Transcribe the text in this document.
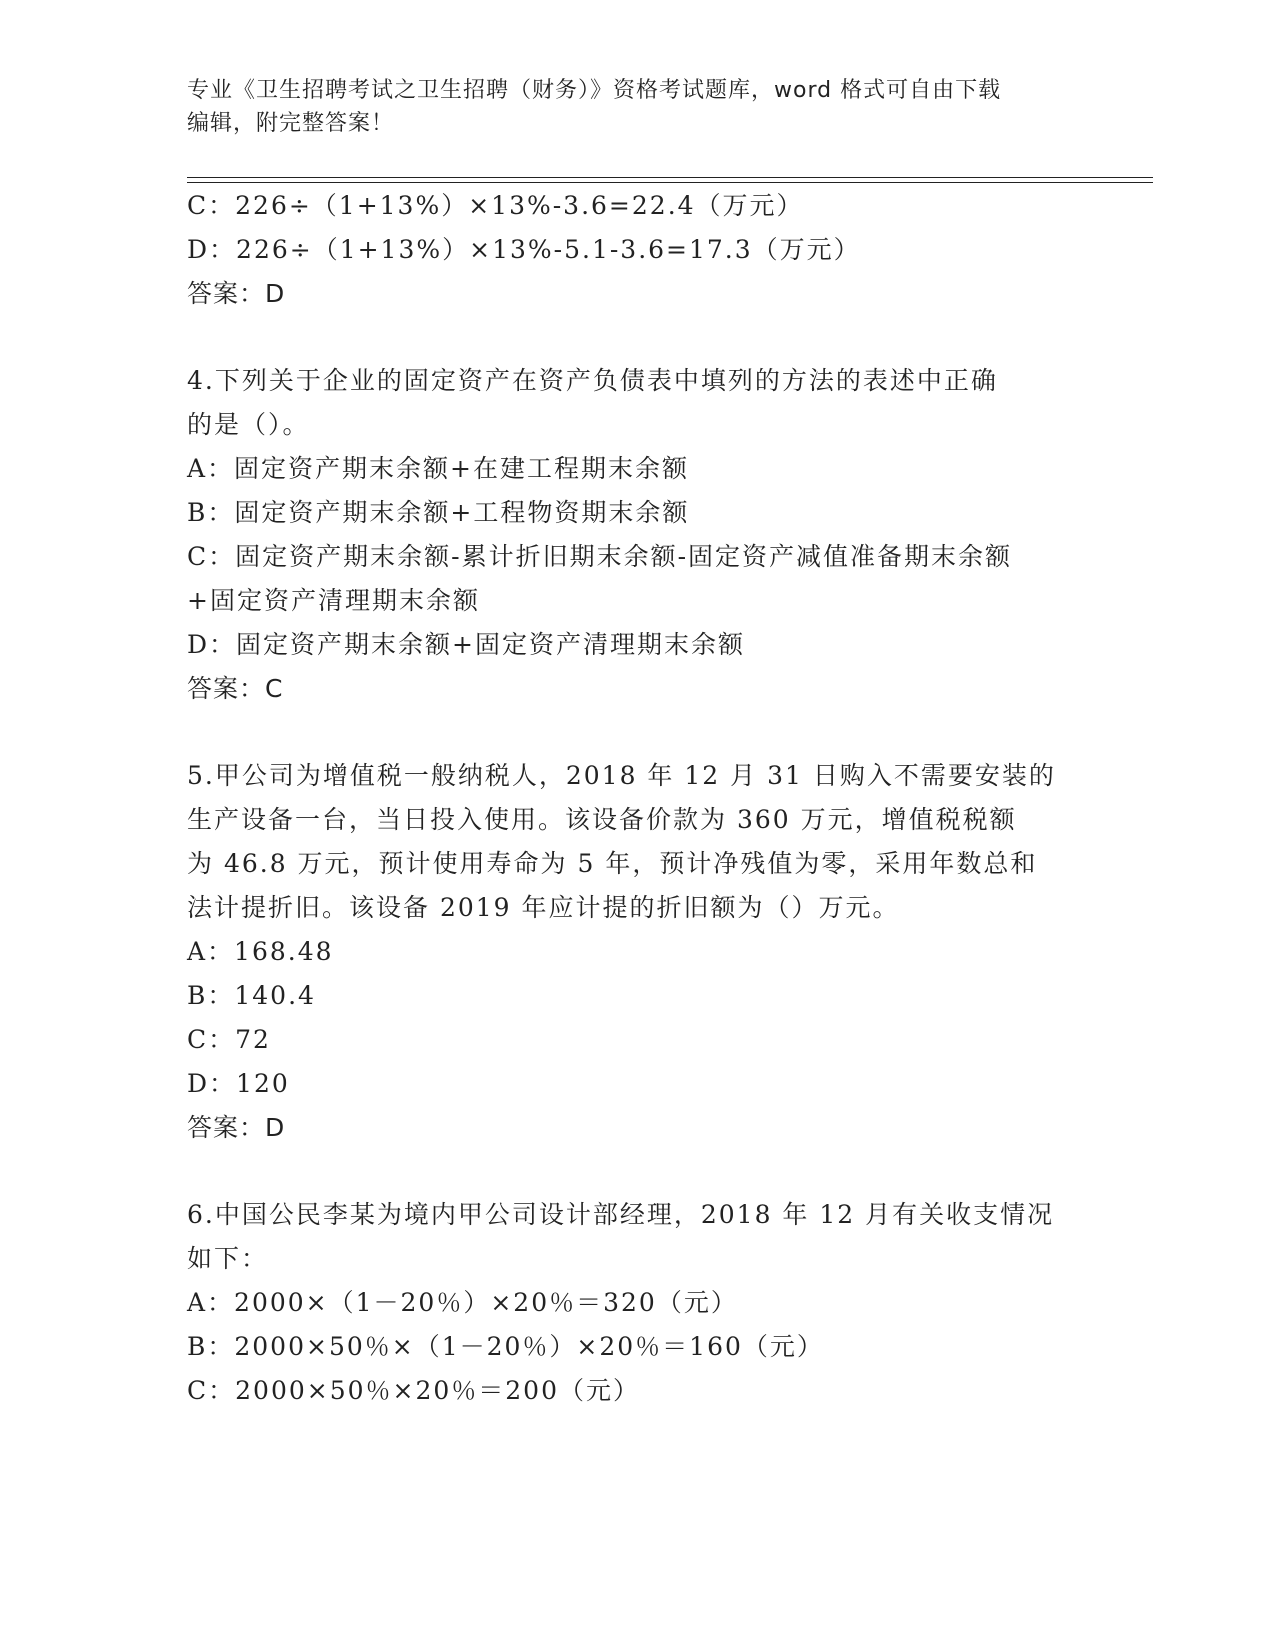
专业《卫生招聘考试之卫生招聘（财务）》资格考试题库，word 格式可自由下载
编辑，附完整答案！
C：226÷（1+13%）×13%-3.6=22.4（万元）
D：226÷（1+13%）×13%-5.1-3.6=17.3（万元）
答案：D
4.下列关于企业的固定资产在资产负债表中填列的方法的表述中正确
的是（）。
A：固定资产期末余额+在建工程期末余额
B：固定资产期末余额+工程物资期末余额
C：固定资产期末余额-累计折旧期末余额-固定资产减值准备期末余额
+固定资产清理期末余额
D：固定资产期末余额+固定资产清理期末余额
答案：C
5.甲公司为增值税一般纳税人，2018 年 12 月 31 日购入不需要安装的
生产设备一台，当日投入使用。该设备价款为 360 万元，增值税税额
为 46.8 万元，预计使用寿命为 5 年，预计净残值为零，采用年数总和
法计提折旧。该设备 2019 年应计提的折旧额为（）万元。
A：168.48
B：140.4
C：72
D：120
答案：D
6.中国公民李某为境内甲公司设计部经理，2018 年 12 月有关收支情况
如下：
A：2000×（1－20％）×20％＝320（元）
B：2000×50％×（1－20％）×20％＝160（元）
C：2000×50％×20％＝200（元）
